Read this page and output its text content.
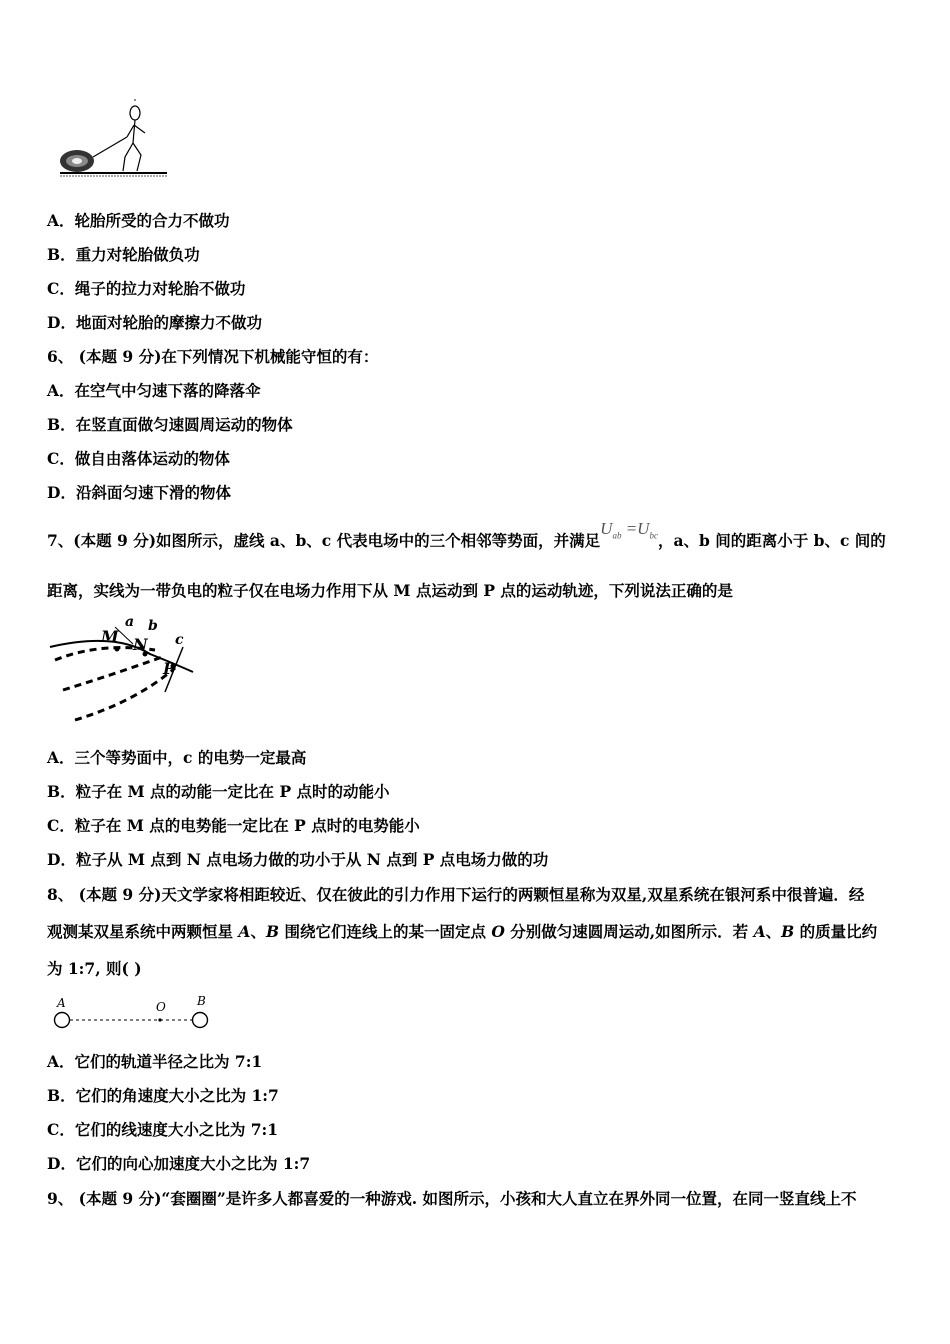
A．轮胎所受的合力不做功
B．重力对轮胎做负功
C．绳子的拉力对轮胎不做功
D．地面对轮胎的摩擦力不做功
6、 (本题 9 分)在下列情况下机械能守恒的有：
A．在空气中匀速下落的降落伞
B．在竖直面做匀速圆周运动的物体
C．做自由落体运动的物体
D．沿斜面匀速下滑的物体
7、(本题 9 分)如图所示，虚线 a、b、c 代表电场中的三个相邻等势面，并满足$U_{ab} =U_{bc}$，a、b 间的距离小于 b、c 间的
距离，实线为一带负电的粒子仅在电场力作用下从 M 点运动到 P 点的运动轨迹，下列说法正确的是
M N
P
a b
c
A．三个等势面中，c 的电势一定最高
B．粒子在 M 点的动能一定比在 P 点时的动能小
C．粒子在 M 点的电势能一定比在 P 点时的电势能小
D．粒子从 M 点到 N 点电场力做的功小于从 N 点到 P 点电场力做的功
8、 (本题 9 分)天文学家将相距较近、仅在彼此的引力作用下运行的两颗恒星称为双星,双星系统在银河系中很普遍．经
观测某双星系统中两颗恒星 A、B 围绕它们连线上的某一固定点 O 分别做匀速圆周运动,如图所示．若 A、B 的质量比约
为 1:7, 则( )
A	O	B
A．它们的轨道半径之比为 7:1
B．它们的角速度大小之比为 1:7
C．它们的线速度大小之比为 7:1
D．它们的向心加速度大小之比为 1:7
9、 (本题 9 分)“套圈圈”是许多人都喜爱的一种游戏. 如图所示，小孩和大人直立在界外同一位置，在同一竖直线上不
